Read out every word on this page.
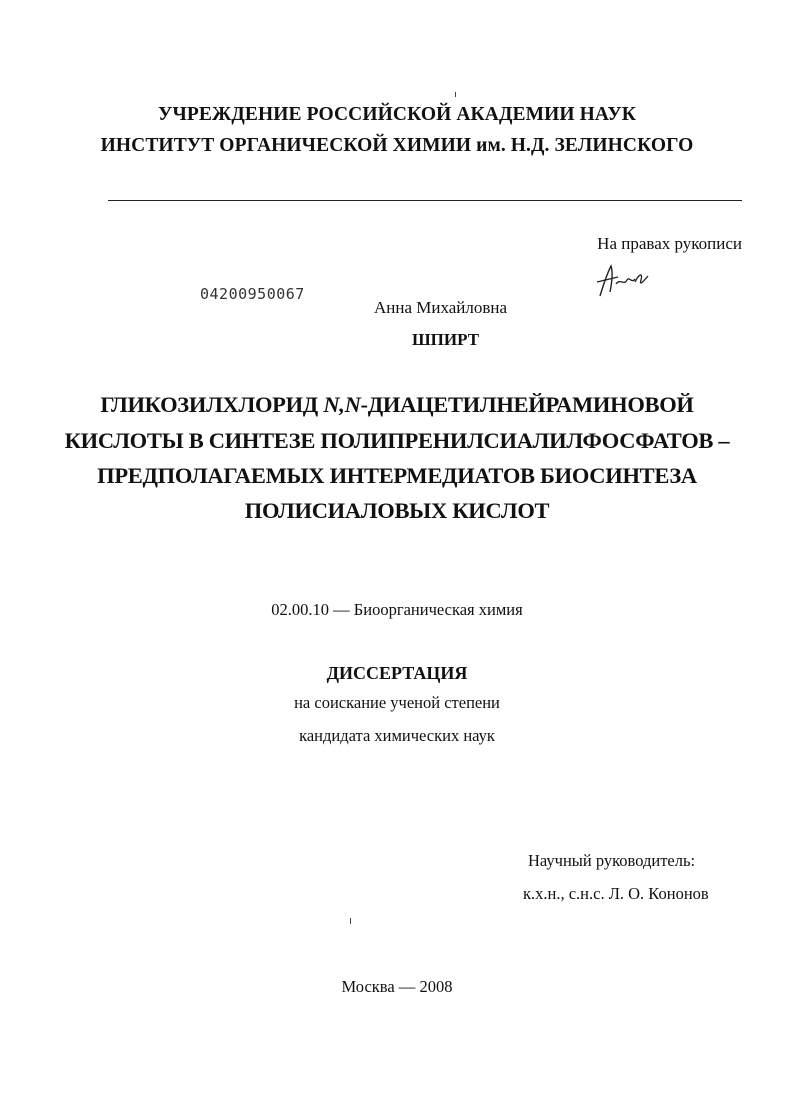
УЧРЕЖДЕНИЕ РОССИЙСКОЙ АКАДЕМИИ НАУК
ИНСТИТУТ ОРГАНИЧЕСКОЙ ХИМИИ им. Н.Д. ЗЕЛИНСКОГО
На правах рукописи
04200950067
Анна Михайловна
ШПИРТ
ГЛИКОЗИЛХЛОРИД N,N-ДИАЦЕТИЛНЕЙРАМИНОВОЙ
КИСЛОТЫ В СИНТЕЗЕ ПОЛИПРЕНИЛСИАЛИЛФОСФАТОВ –
ПРЕДПОЛАГАЕМЫХ ИНТЕРМЕДИАТОВ БИОСИНТЕЗА
ПОЛИСИАЛОВЫХ КИСЛОТ
02.00.10 — Биоорганическая химия
ДИССЕРТАЦИЯ
на соискание ученой степени
кандидата химических наук
Научный руководитель:
к.х.н., с.н.с. Л. О. Кононов
Москва — 2008
